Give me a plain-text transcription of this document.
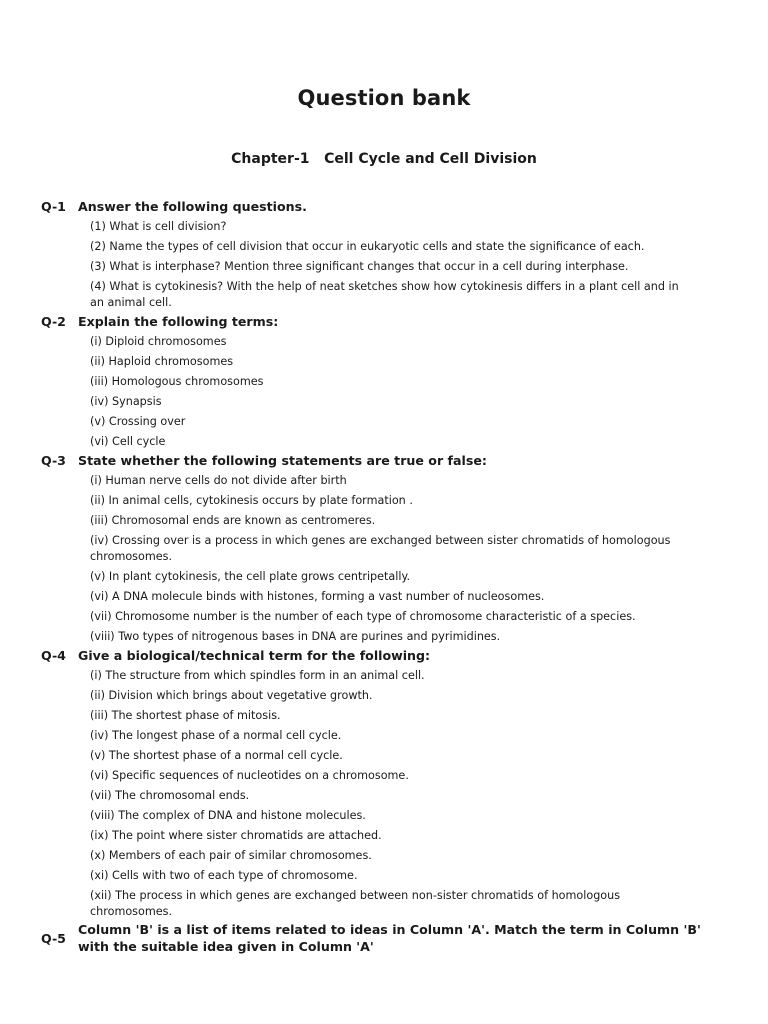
Question bank
Chapter-1   Cell Cycle and Cell Division
Q-1 Answer the following questions.
(1) What is cell division?
(2) Name the types of cell division that occur in eukaryotic cells and state the significance of each.
(3) What is interphase? Mention three significant changes that occur in a cell during interphase.
(4) What is cytokinesis? With the help of neat sketches show how cytokinesis differs in a plant cell and in an animal cell.
Q-2 Explain the following terms:
(i) Diploid chromosomes
(ii) Haploid chromosomes
(iii) Homologous chromosomes
(iv) Synapsis
(v) Crossing over
(vi) Cell cycle
Q-3 State whether the following statements are true or false:
(i) Human nerve cells do not divide after birth
(ii) In animal cells, cytokinesis occurs by plate formation .
(iii) Chromosomal ends are known as centromeres.
(iv) Crossing over is a process in which genes are exchanged between sister chromatids of homologous chromosomes.
(v) In plant cytokinesis, the cell plate grows centripetally.
(vi) A DNA molecule binds with histones, forming a vast number of nucleosomes.
(vii) Chromosome number is the number of each type of chromosome characteristic of a species.
(viii) Two types of nitrogenous bases in DNA are purines and pyrimidines.
Q-4 Give a biological/technical term for the following:
(i) The structure from which spindles form in an animal cell.
(ii) Division which brings about vegetative growth.
(iii) The shortest phase of mitosis.
(iv) The longest phase of a normal cell cycle.
(v) The shortest phase of a normal cell cycle.
(vi) Specific sequences of nucleotides on a chromosome.
(vii) The chromosomal ends.
(viii) The complex of DNA and histone molecules.
(ix) The point where sister chromatids are attached.
(x) Members of each pair of similar chromosomes.
(xi) Cells with two of each type of chromosome.
(xii) The process in which genes are exchanged between non-sister chromatids of homologous chromosomes.
Q-5
Column 'B' is a list of items related to ideas in Column 'A'. Match the term in Column 'B' with the suitable idea given in Column 'A'
